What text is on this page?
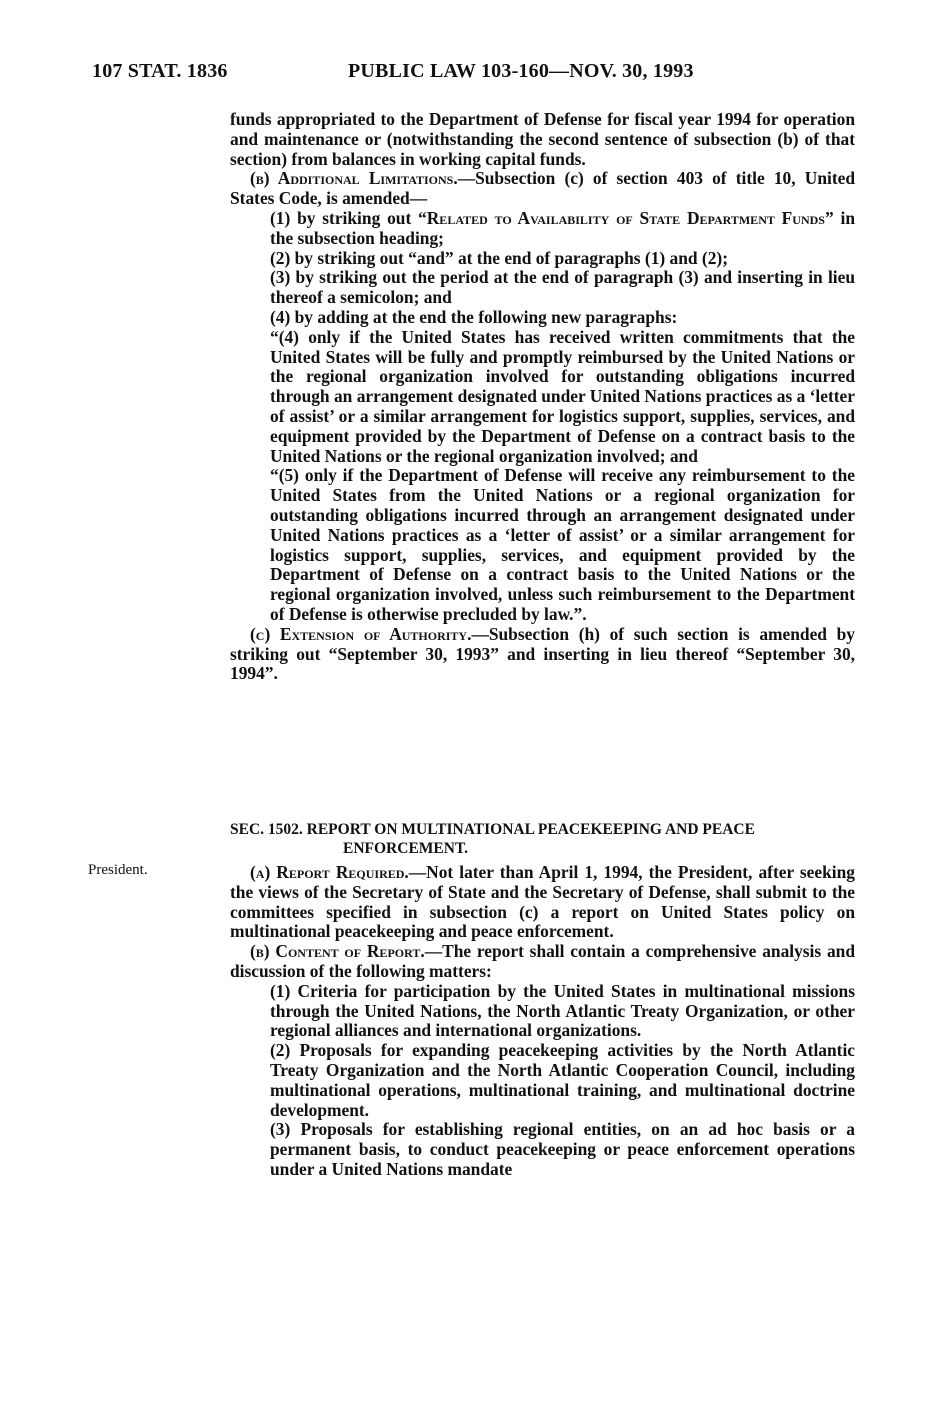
107 STAT. 1836	PUBLIC LAW 103-160—NOV. 30, 1993
President.

funds appropriated to the Department of Defense for fiscal year 1994 for operation and maintenance or (notwithstanding the second sentence of subsection (b) of that section) from balances in working capital funds.

(b) Additional Limitations.—Subsection (c) of section 403 of title 10, United States Code, is amended—

(1) by striking out “Related to Availability of State Department Funds” in the subsection heading;

(2) by striking out “and” at the end of paragraphs (1) and (2);

(3) by striking out the period at the end of paragraph (3) and inserting in lieu thereof a semicolon; and

(4) by adding at the end the following new paragraphs:

“(4) only if the United States has received written commitments that the United States will be fully and promptly reimbursed by the United Nations or the regional organization involved for outstanding obligations incurred through an arrangement designated under United Nations practices as a ‘letter of assist’ or a similar arrangement for logistics support, supplies, services, and equipment provided by the Department of Defense on a contract basis to the United Nations or the regional organization involved; and

“(5) only if the Department of Defense will receive any reimbursement to the United States from the United Nations or a regional organization for outstanding obligations incurred through an arrangement designated under United Nations practices as a ‘letter of assist’ or a similar arrangement for logistics support, supplies, services, and equipment provided by the Department of Defense on a contract basis to the United Nations or the regional organization involved, unless such reimbursement to the Department of Defense is otherwise precluded by law.”.

(c) Extension of Authority.—Subsection (h) of such section is amended by striking out “September 30, 1993” and inserting in lieu thereof “September 30, 1994”.

SEC. 1502. REPORT ON MULTINATIONAL PEACEKEEPING AND PEACE
ENFORCEMENT.

(a) Report Required.—Not later than April 1, 1994, the President, after seeking the views of the Secretary of State and the Secretary of Defense, shall submit to the committees specified in subsection (c) a report on United States policy on multinational peacekeeping and peace enforcement.

(b) Content of Report.—The report shall contain a comprehensive analysis and discussion of the following matters:

(1) Criteria for participation by the United States in multinational missions through the United Nations, the North Atlantic Treaty Organization, or other regional alliances and international organizations.

(2) Proposals for expanding peacekeeping activities by the North Atlantic Treaty Organization and the North Atlantic Cooperation Council, including multinational operations, multinational training, and multinational doctrine development.

(3) Proposals for establishing regional entities, on an ad hoc basis or a permanent basis, to conduct peacekeeping or peace enforcement operations under a United Nations mandate
